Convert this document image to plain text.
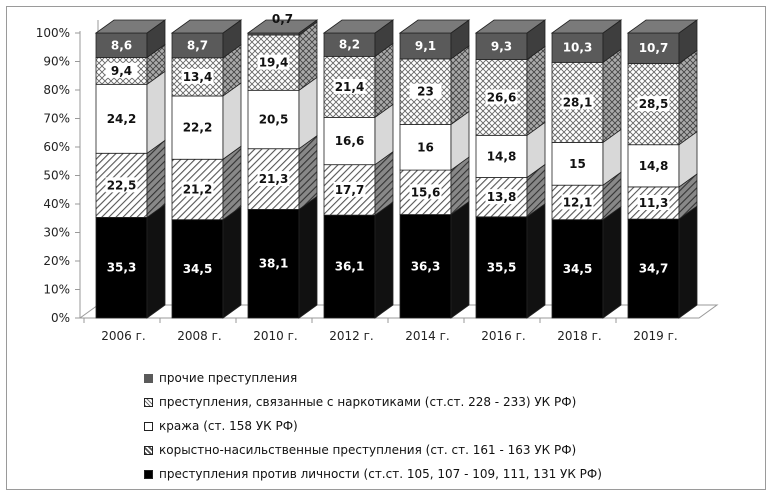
0%
10%
20%
30%
40%
50%
60%
70%
80%
90%
100%
2006 г.	2008 г.	2010 г.	2012 г.	2014 г.	2016 г.	2018 г.	2019 г.
35,3
22,5
24,2
9,4
8,6
34,5
21,2
22,2
13,4
8,7
38,1
21,3
20,5
19,4
0,7
36,1
17,7
16,6
21,4
8,2
36,3
15,6
16
23
9,1
35,5
13,8
14,8
26,6
9,3
34,5
12,1
15
28,1
10,3
34,7
11,3
14,8
28,5
10,7
прочие преступления
преступления, связанные с наркотиками (ст.ст. 228 - 233) УК РФ)
кража (ст. 158 УК РФ)
корыстно-насильственные преступления (ст. ст. 161 - 163 УК РФ)
преступления против личности (ст.ст. 105, 107 - 109, 111, 131 УК РФ)
